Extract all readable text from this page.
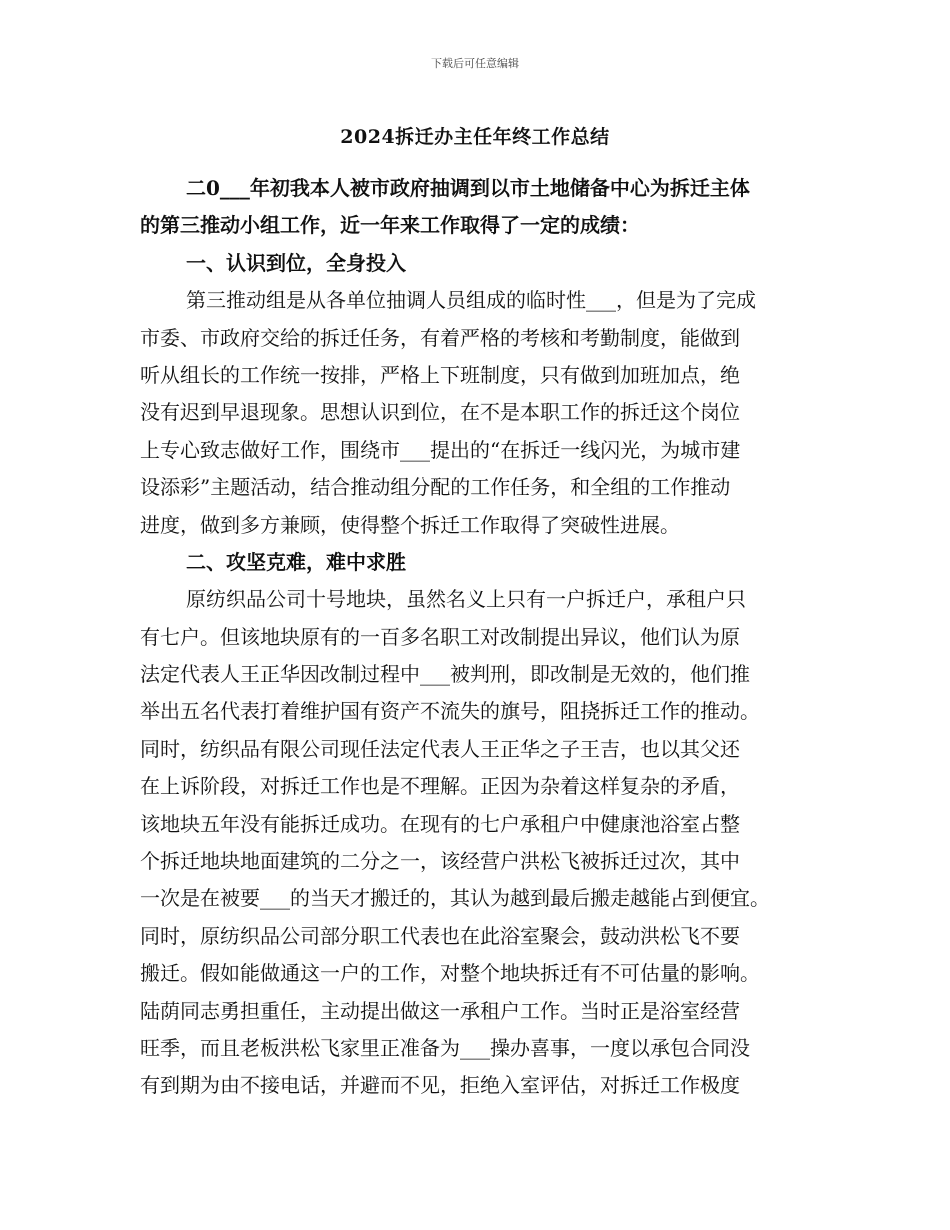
下载后可任意编辑
2024拆迁办主任年终工作总结
二0___年初我本人被市政府抽调到以市土地储备中心为拆迁主体
的第三推动小组工作，近一年来工作取得了一定的成绩：
一、认识到位，全身投入
第三推动组是从各单位抽调人员组成的临时性___，但是为了完成
市委、市政府交给的拆迁任务，有着严格的考核和考勤制度，能做到
听从组长的工作统一按排，严格上下班制度，只有做到加班加点，绝
没有迟到早退现象。思想认识到位，在不是本职工作的拆迁这个岗位
上专心致志做好工作，围绕市___提出的“在拆迁一线闪光，为城市建
设添彩”主题活动，结合推动组分配的工作任务，和全组的工作推动
进度，做到多方兼顾，使得整个拆迁工作取得了突破性进展。
二、攻坚克难，难中求胜
原纺织品公司十号地块，虽然名义上只有一户拆迁户，承租户只
有七户。但该地块原有的一百多名职工对改制提出异议，他们认为原
法定代表人王正华因改制过程中___被判刑，即改制是无效的，他们推
举出五名代表打着维护国有资产不流失的旗号，阻挠拆迁工作的推动。
同时，纺织品有限公司现任法定代表人王正华之子王吉，也以其父还
在上诉阶段，对拆迁工作也是不理解。正因为杂着这样复杂的矛盾，
该地块五年没有能拆迁成功。在现有的七户承租户中健康池浴室占整
个拆迁地块地面建筑的二分之一，该经营户洪松飞被拆迁过次，其中
一次是在被要___的当天才搬迁的，其认为越到最后搬走越能占到便宜。
同时，原纺织品公司部分职工代表也在此浴室聚会，鼓动洪松飞不要
搬迁。假如能做通这一户的工作，对整个地块拆迁有不可估量的影响。
陆荫同志勇担重任，主动提出做这一承租户工作。当时正是浴室经营
旺季，而且老板洪松飞家里正准备为___操办喜事，一度以承包合同没
有到期为由不接电话，并避而不见，拒绝入室评估，对拆迁工作极度
